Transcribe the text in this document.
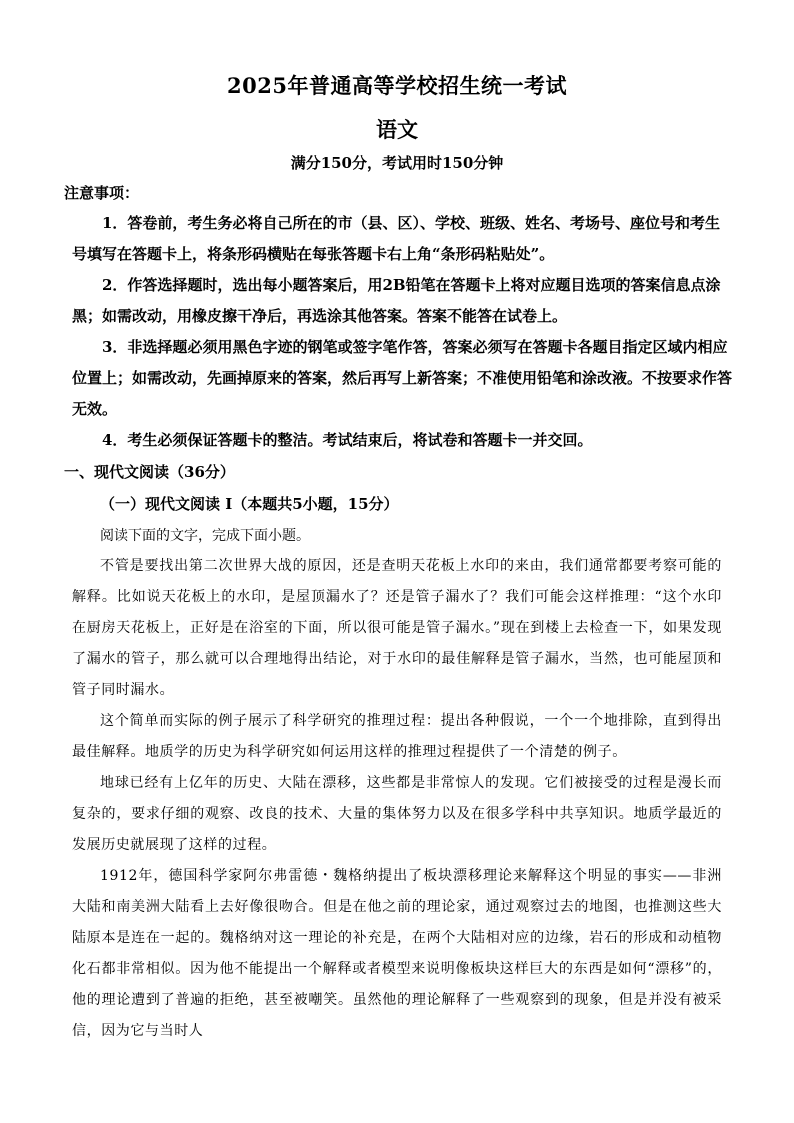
2025年普通高等学校招生统一考试
语文
满分150分，考试用时150分钟
注意事项：

1．答卷前，考生务必将自己所在的市（县、区）、学校、班级、姓名、考场号、座位号和考生号填写在答题卡上，将条形码横贴在每张答题卡右上角“条形码粘贴处”。

2．作答选择题时，选出每小题答案后，用2B铅笔在答题卡上将对应题目选项的答案信息点涂黑；如需改动，用橡皮擦干净后，再选涂其他答案。答案不能答在试卷上。

3．非选择题必须用黑色字迹的钢笔或签字笔作答，答案必须写在答题卡各题目指定区域内相应位置上；如需改动，先画掉原来的答案，然后再写上新答案；不准使用铅笔和涂改液。不按要求作答无效。

4．考生必须保证答题卡的整洁。考试结束后，将试卷和答题卡一并交回。

一、现代文阅读（36分）
（一）现代文阅读 I（本题共5小题，15分）
阅读下面的文字，完成下面小题。

不管是要找出第二次世界大战的原因，还是查明天花板上水印的来由，我们通常都要考察可能的解释。比如说天花板上的水印，是屋顶漏水了？还是管子漏水了？我们可能会这样推理：“这个水印在厨房天花板上，正好是在浴室的下面，所以很可能是管子漏水。”现在到楼上去检查一下，如果发现了漏水的管子，那么就可以合理地得出结论，对于水印的最佳解释是管子漏水，当然，也可能屋顶和管子同时漏水。

这个简单而实际的例子展示了科学研究的推理过程：提出各种假说，一个一个地排除，直到得出最佳解释。地质学的历史为科学研究如何运用这样的推理过程提供了一个清楚的例子。

地球已经有上亿年的历史、大陆在漂移，这些都是非常惊人的发现。它们被接受的过程是漫长而复杂的，要求仔细的观察、改良的技术、大量的集体努力以及在很多学科中共享知识。地质学最近的发展历史就展现了这样的过程。

1912年，德国科学家阿尔弗雷德・魏格纳提出了板块漂移理论来解释这个明显的事实——非洲大陆和南美洲大陆看上去好像很吻合。但是在他之前的理论家，通过观察过去的地图，也推测这些大陆原本是连在一起的。魏格纳对这一理论的补充是，在两个大陆相对应的边缘，岩石的形成和动植物化石都非常相似。因为他不能提出一个解释或者模型来说明像板块这样巨大的东西是如何“漂移”的，他的理论遭到了普遍的拒绝，甚至被嘲笑。虽然他的理论解释了一些观察到的现象，但是并没有被采信，因为它与当时人
